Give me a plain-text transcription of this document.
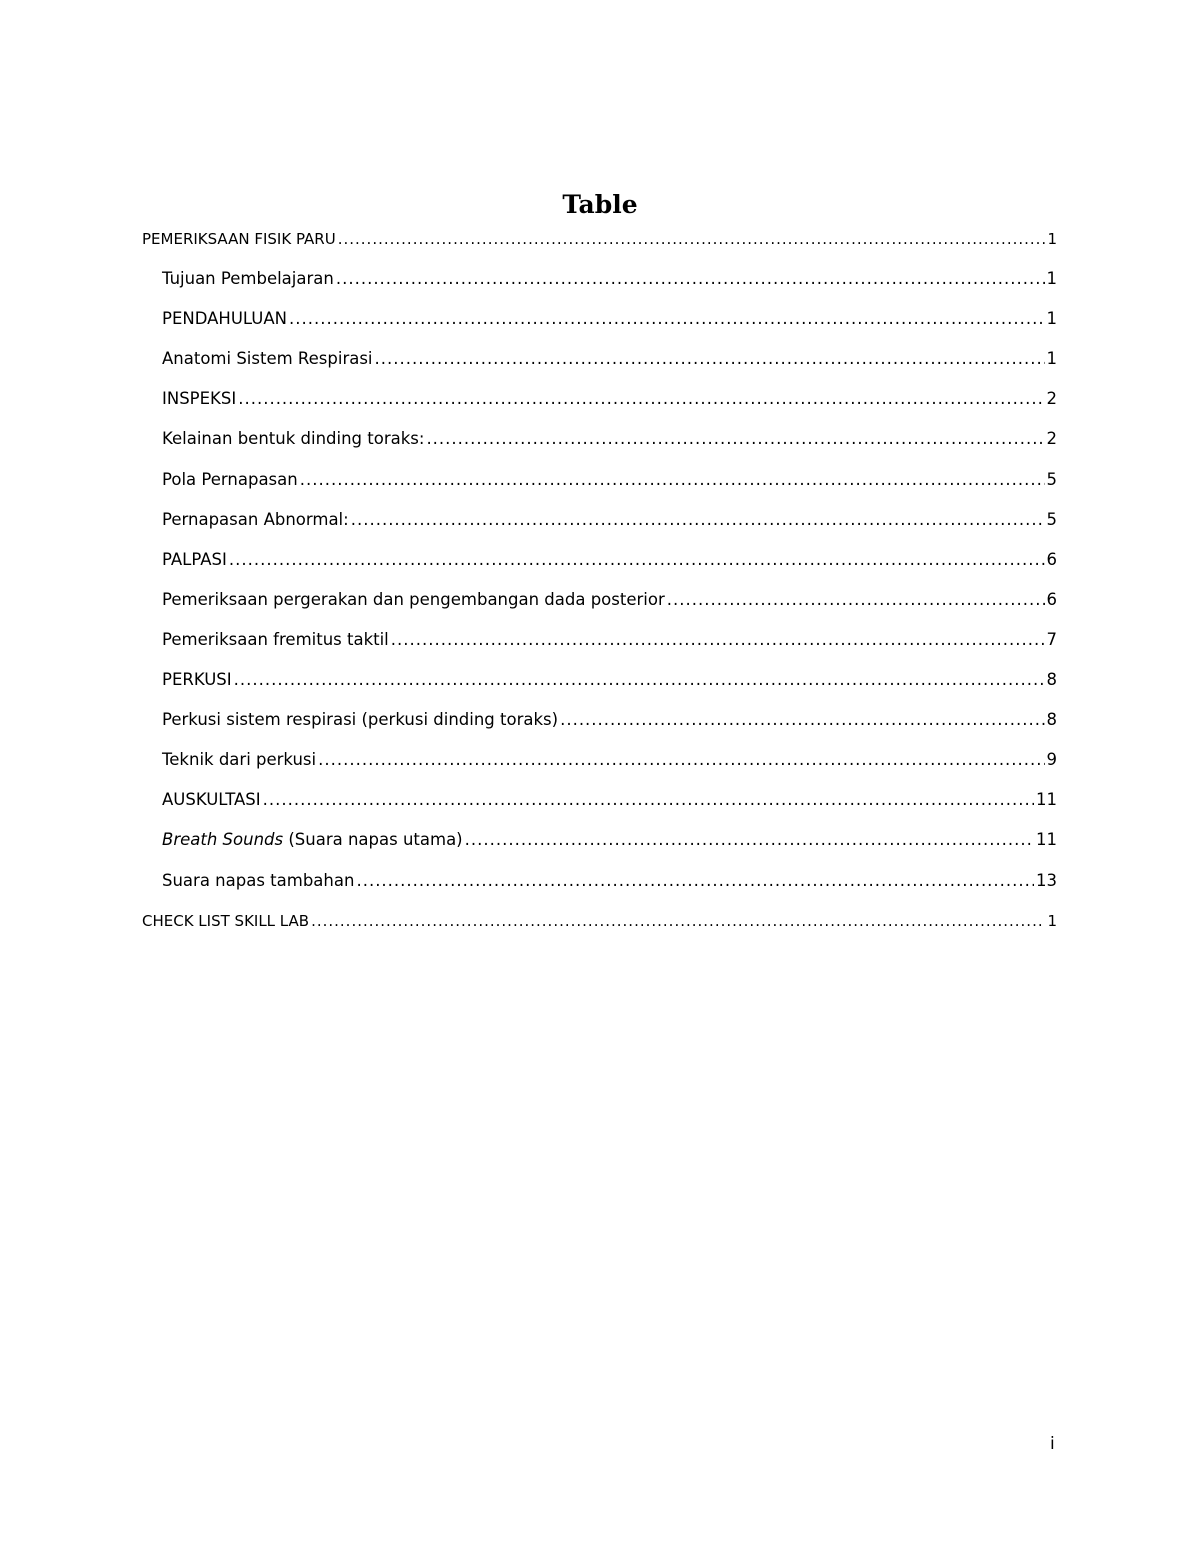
Table
PEMERIKSAAN FISIK PARU .....	1
Tujuan Pembelajaran .....	1
PENDAHULUAN .....	1
Anatomi Sistem Respirasi .....	1
INSPEKSI .....	2
Kelainan bentuk dinding toraks: .....	2
Pola Pernapasan .....	5
Pernapasan Abnormal: .....	5
PALPASI .....	6
Pemeriksaan pergerakan dan pengembangan dada posterior .....	6
Pemeriksaan fremitus taktil .....	7
PERKUSI .....	8
Perkusi sistem respirasi (perkusi dinding toraks) .....	8
Teknik dari perkusi .....	9
AUSKULTASI .....	11
Breath Sounds (Suara napas utama) .....	11
Suara napas tambahan .....	13
CHECK LIST SKILL LAB .....	1
i
